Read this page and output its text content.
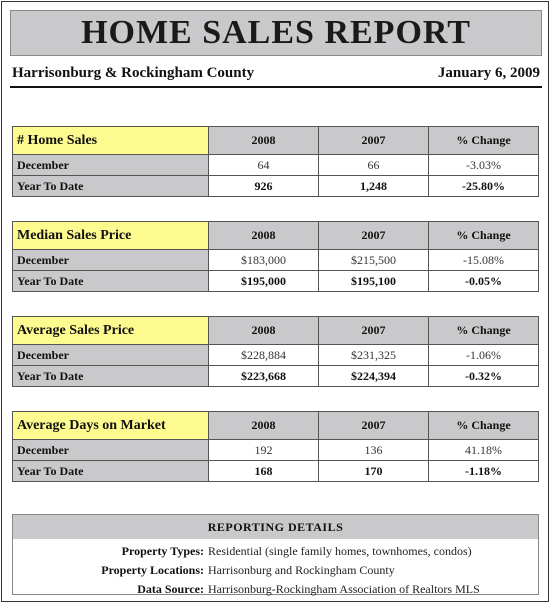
HOME SALES REPORT
Harrisonburg & Rockingham County	January 6, 2009
# Home Sales	2008	2007	% Change
December	64	66	-3.03%
Year To Date	926	1,248	-25.80%
Median Sales Price	2008	2007	% Change
December	$183,000	$215,500	-15.08%
Year To Date	$195,000	$195,100	-0.05%
Average Sales Price	2008	2007	% Change
December	$228,884	$231,325	-1.06%
Year To Date	$223,668	$224,394	-0.32%
Average Days on Market	2008	2007	% Change
December	192	136	41.18%
Year To Date	168	170	-1.18%
REPORTING DETAILS
Property Types: Residential (single family homes, townhomes, condos)
Property Locations: Harrisonburg and Rockingham County
Data Source: Harrisonburg-Rockingham Association of Realtors MLS
